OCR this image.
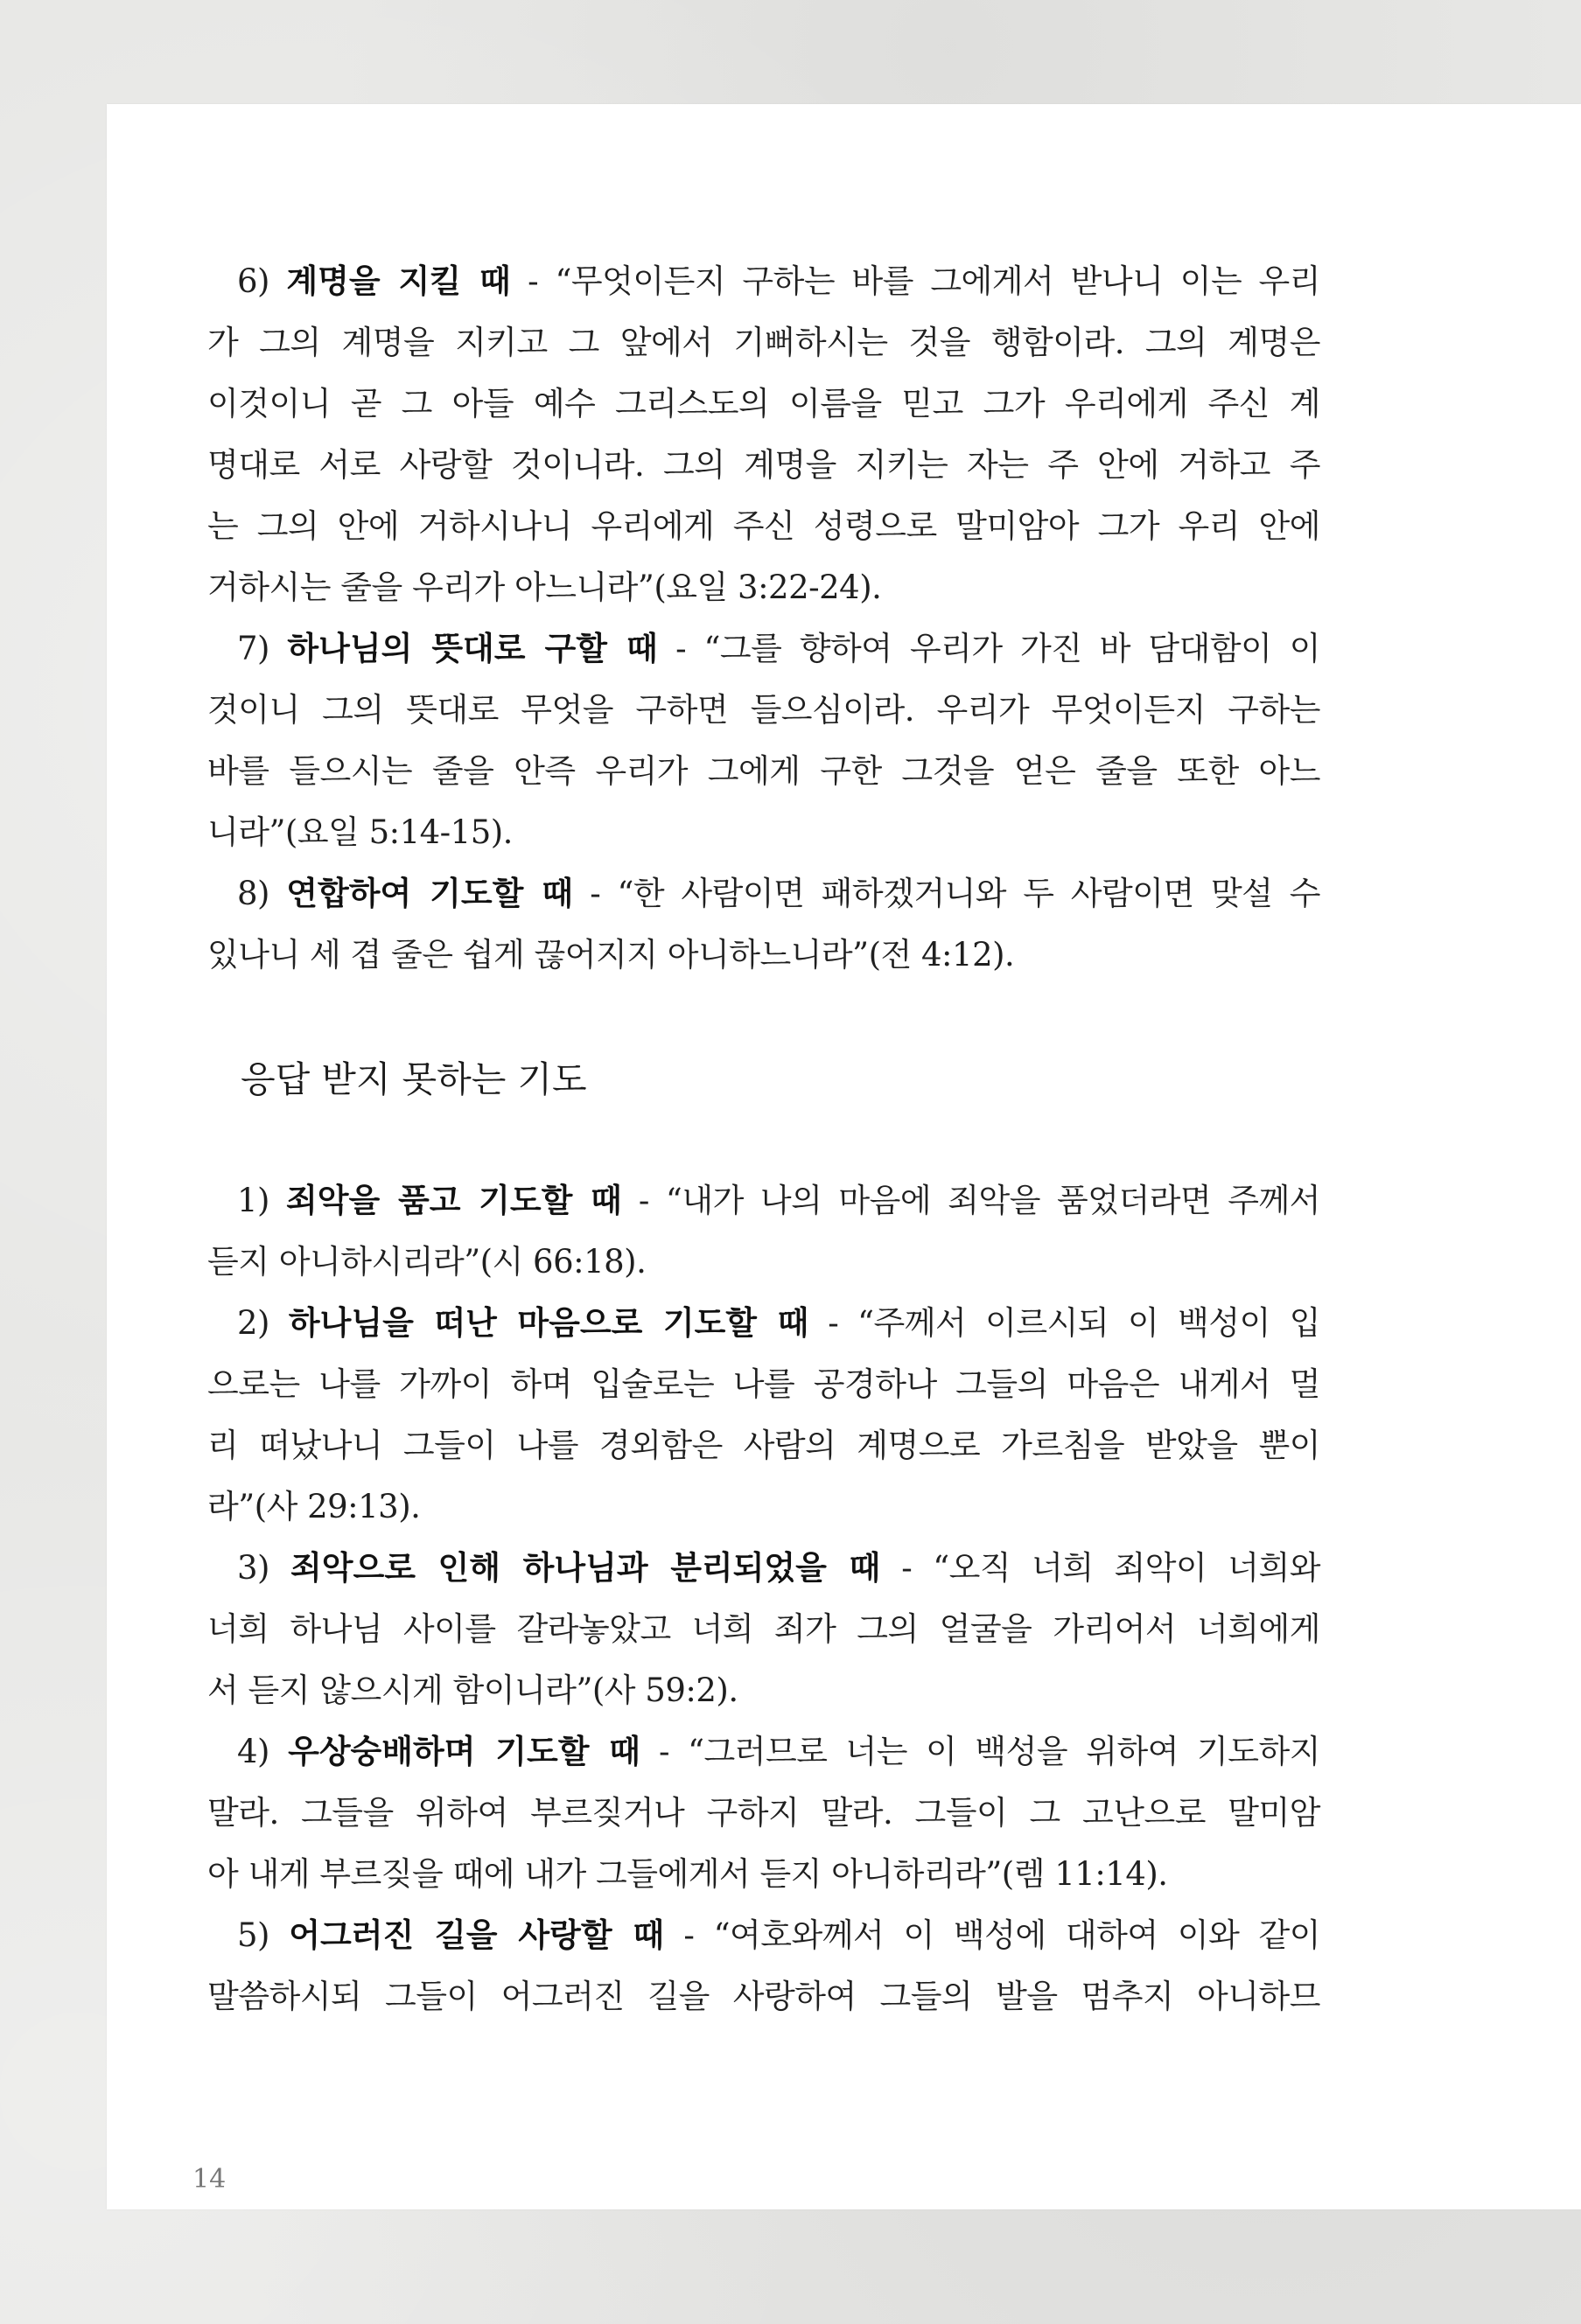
6) 계명을 지킬 때 - “무엇이든지 구하는 바를 그에게서 받나니 이는 우리
가 그의 계명을 지키고 그 앞에서 기뻐하시는 것을 행함이라. 그의 계명은
이것이니 곧 그 아들 예수 그리스도의 이름을 믿고 그가 우리에게 주신 계
명대로 서로 사랑할 것이니라. 그의 계명을 지키는 자는 주 안에 거하고 주
는 그의 안에 거하시나니 우리에게 주신 성령으로 말미암아 그가 우리 안에
거하시는 줄을 우리가 아느니라”(요일 3:22-24).
7) 하나님의 뜻대로 구할 때 - “그를 향하여 우리가 가진 바 담대함이 이
것이니 그의 뜻대로 무엇을 구하면 들으심이라. 우리가 무엇이든지 구하는
바를 들으시는 줄을 안즉 우리가 그에게 구한 그것을 얻은 줄을 또한 아느
니라”(요일 5:14-15).
8) 연합하여 기도할 때 - “한 사람이면 패하겠거니와 두 사람이면 맞설 수
있나니 세 겹 줄은 쉽게 끊어지지 아니하느니라”(전 4:12).
응답 받지 못하는 기도
1) 죄악을 품고 기도할 때 - “내가 나의 마음에 죄악을 품었더라면 주께서
듣지 아니하시리라”(시 66:18).
2) 하나님을 떠난 마음으로 기도할 때 - “주께서 이르시되 이 백성이 입
으로는 나를 가까이 하며 입술로는 나를 공경하나 그들의 마음은 내게서 멀
리 떠났나니 그들이 나를 경외함은 사람의 계명으로 가르침을 받았을 뿐이
라”(사 29:13).
3) 죄악으로 인해 하나님과 분리되었을 때 - “오직 너희 죄악이 너희와
너희 하나님 사이를 갈라놓았고 너희 죄가 그의 얼굴을 가리어서 너희에게
서 듣지 않으시게 함이니라”(사 59:2).
4) 우상숭배하며 기도할 때 - “그러므로 너는 이 백성을 위하여 기도하지
말라. 그들을 위하여 부르짖거나 구하지 말라. 그들이 그 고난으로 말미암
아 내게 부르짖을 때에 내가 그들에게서 듣지 아니하리라”(렘 11:14).
5) 어그러진 길을 사랑할 때 - “여호와께서 이 백성에 대하여 이와 같이
말씀하시되 그들이 어그러진 길을 사랑하여 그들의 발을 멈추지 아니하므
14
